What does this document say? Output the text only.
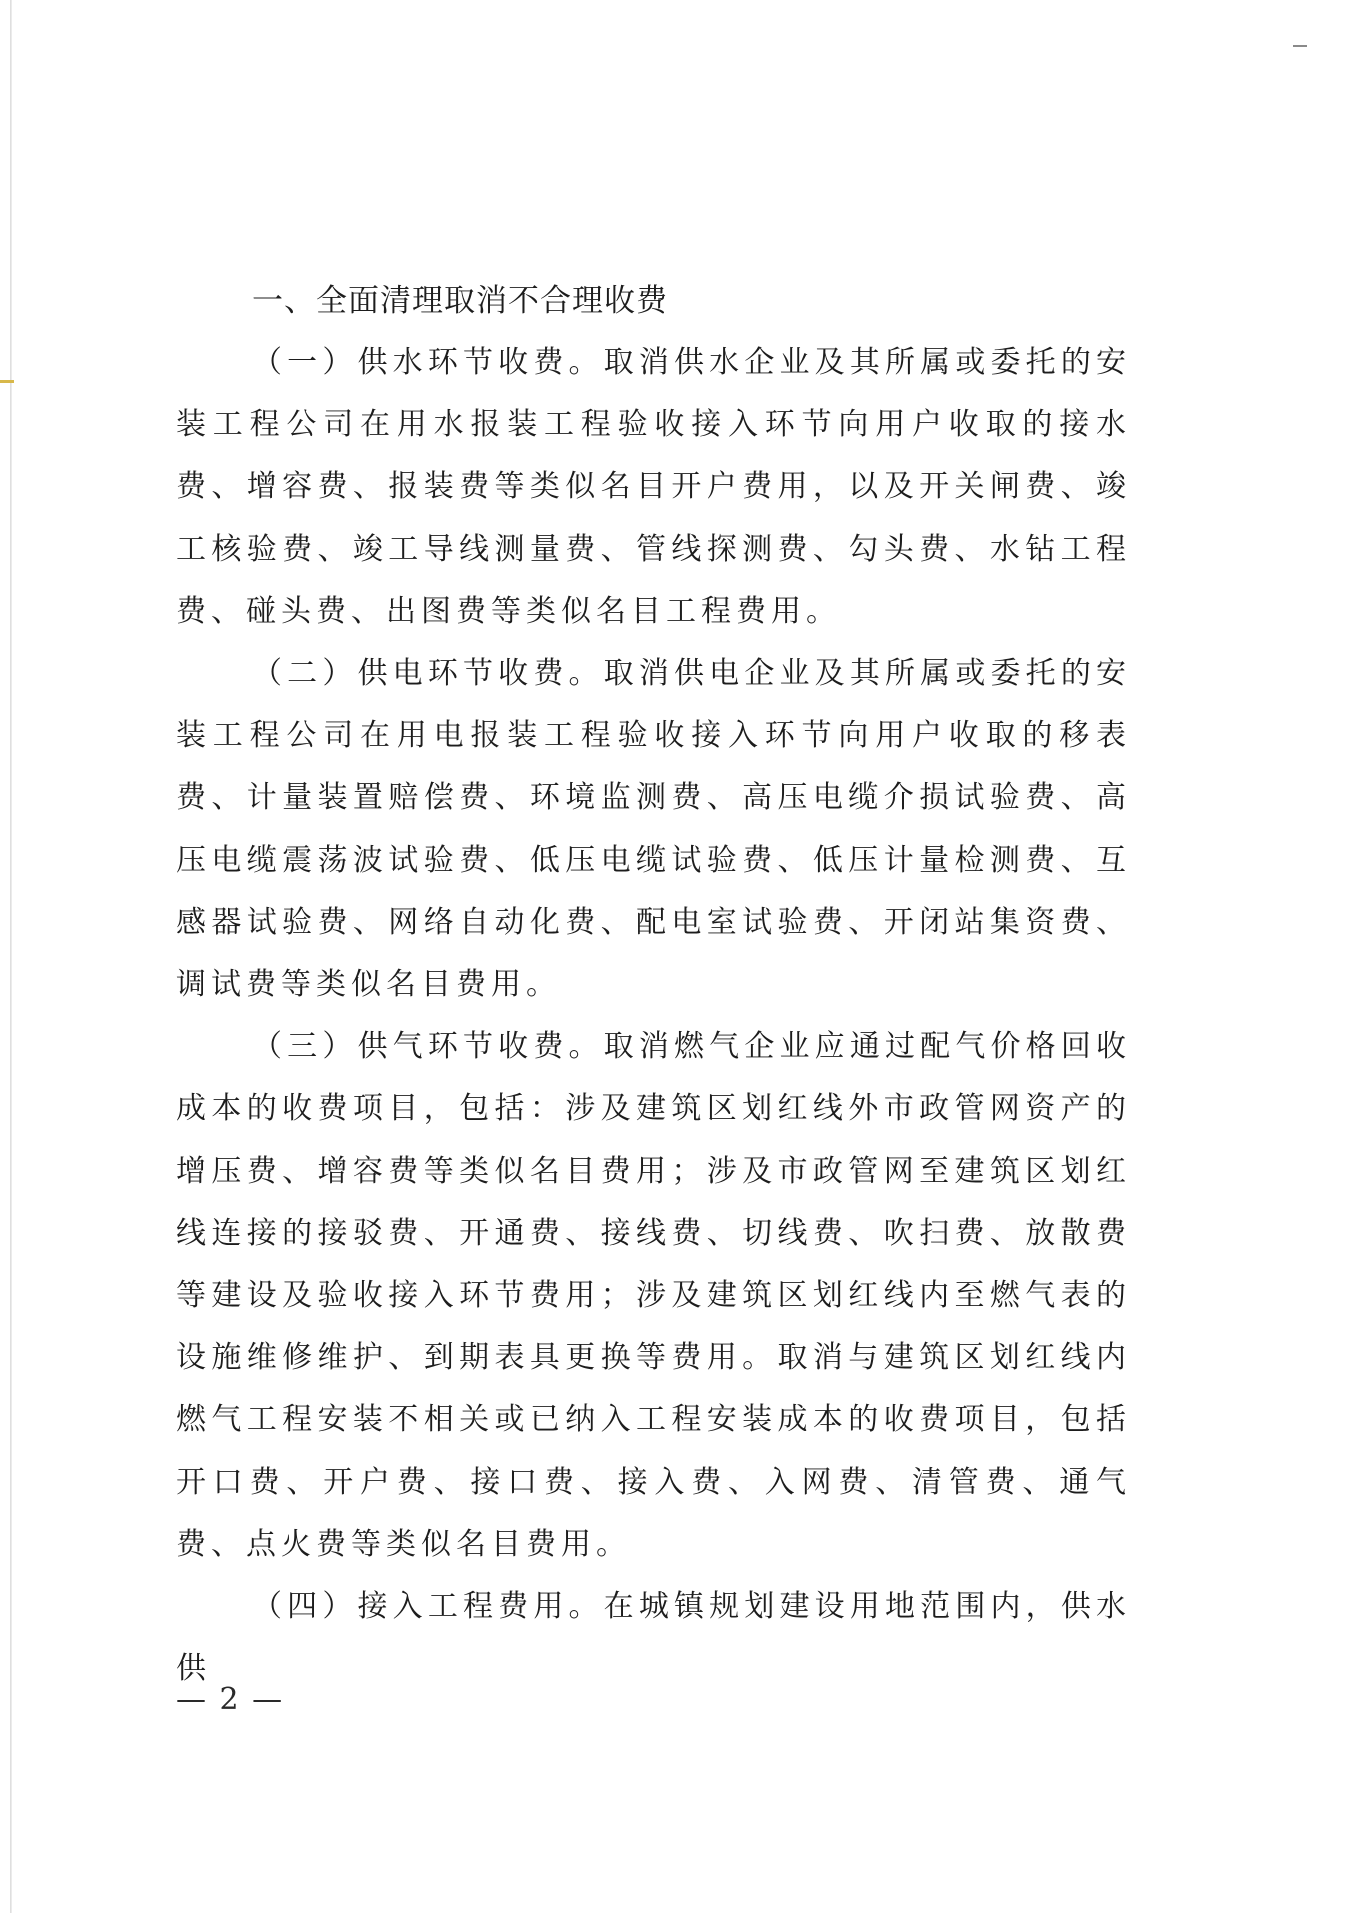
一、全面清理取消不合理收费

（一）供水环节收费。取消供水企业及其所属或委托的安装工程公司在用水报装工程验收接入环节向用户收取的接水费、增容费、报装费等类似名目开户费用，以及开关闸费、竣工核验费、竣工导线测量费、管线探测费、勾头费、水钻工程费、碰头费、出图费等类似名目工程费用。

（二）供电环节收费。取消供电企业及其所属或委托的安装工程公司在用电报装工程验收接入环节向用户收取的移表费、计量装置赔偿费、环境监测费、高压电缆介损试验费、高压电缆震荡波试验费、低压电缆试验费、低压计量检测费、互感器试验费、网络自动化费、配电室试验费、开闭站集资费、调试费等类似名目费用。

（三）供气环节收费。取消燃气企业应通过配气价格回收成本的收费项目，包括：涉及建筑区划红线外市政管网资产的增压费、增容费等类似名目费用；涉及市政管网至建筑区划红线连接的接驳费、开通费、接线费、切线费、吹扫费、放散费等建设及验收接入环节费用；涉及建筑区划红线内至燃气表的设施维修维护、到期表具更换等费用。取消与建筑区划红线内燃气工程安装不相关或已纳入工程安装成本的收费项目，包括开口费、开户费、接口费、接入费、入网费、清管费、通气费、点火费等类似名目费用。

（四）接入工程费用。在城镇规划建设用地范围内，供水供

— 2 —
